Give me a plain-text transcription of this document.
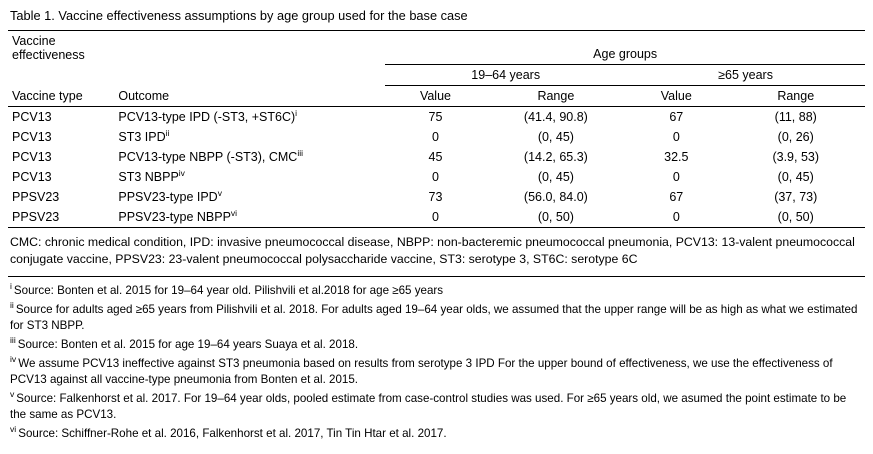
Table 1. Vaccine effectiveness assumptions by age group used for the base case
Vaccine effectiveness		Age groups			
		19–64 years		≥65 years	
Vaccine type	Outcome	Value	Range	Value	Range
PCV13	PCV13-type IPD (-ST3, +ST6C)$^i$	75	(41.4, 90.8)	67	(11, 88)
PCV13	ST3 IPD$^{ii}$	0	(0, 45)	0	(0, 26)
PCV13	PCV13-type NBPP (-ST3), CMC$^{iii}$	45	(14.2, 65.3)	32.5	(3.9, 53)
PCV13	ST3 NBPP$^{iv}$	0	(0, 45)	0	(0, 45)
PPSV23	PPSV23-type IPD$^v$	73	(56.0, 84.0)	67	(37, 73)
PPSV23	PPSV23-type NBPP$^{vi}$	0	(0, 50)	0	(0, 50)

CMC: chronic medical condition, IPD: invasive pneumococcal disease, NBPP: non-bacteremic pneumococcal pneumonia, PCV13: 13-valent pneumococcal conjugate vaccine, PPSV23: 23-valent pneumococcal polysaccharide vaccine, ST3: serotype 3, ST6C: serotype 6C

$^i$ Source: Bonten et al. 2015 for 19–64 year old. Pilishvili et al.2018 for age ≥65 years

$^{ii}$ Source for adults aged ≥65 years from Pilishvili et al. 2018. For adults aged 19–64 year olds, we assumed that the upper range will be as high as what we estimated for ST3 NBPP.

$^{iii}$ Source: Bonten et al. 2015 for age 19–64 years Suaya et al. 2018.

$^{iv}$ We assume PCV13 ineffective against ST3 pneumonia based on results from serotype 3 IPD For the upper bound of effectiveness, we use the effectiveness of PCV13 against all vaccine-type pneumonia from Bonten et al. 2015.

$^v$ Source: Falkenhorst et al. 2017. For 19–64 year olds, pooled estimate from case-control studies was used. For ≥65 years old, we asumed the point estimate to be the same as PCV13.

$^{vi}$ Source: Schiffner-Rohe et al. 2016, Falkenhorst et al. 2017, Tin Tin Htar et al. 2017.
